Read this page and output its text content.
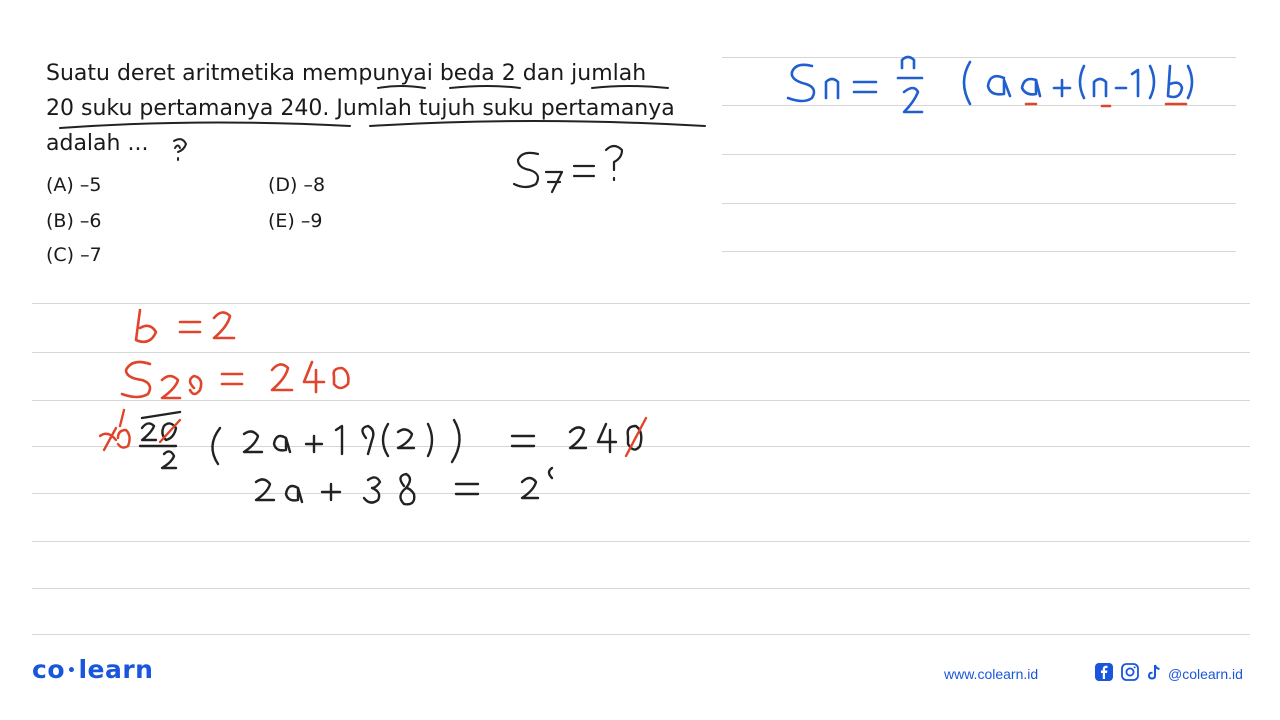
Suatu deret aritmetika mempunyai beda 2 dan jumlah

20 suku pertamanya 240. Jumlah tujuh suku pertamanya

adalah ...

(A) –5
(B) –6
(C) –7
(D) –8
(E) –9
co •learn	www.colearn.id	@colearn.id
